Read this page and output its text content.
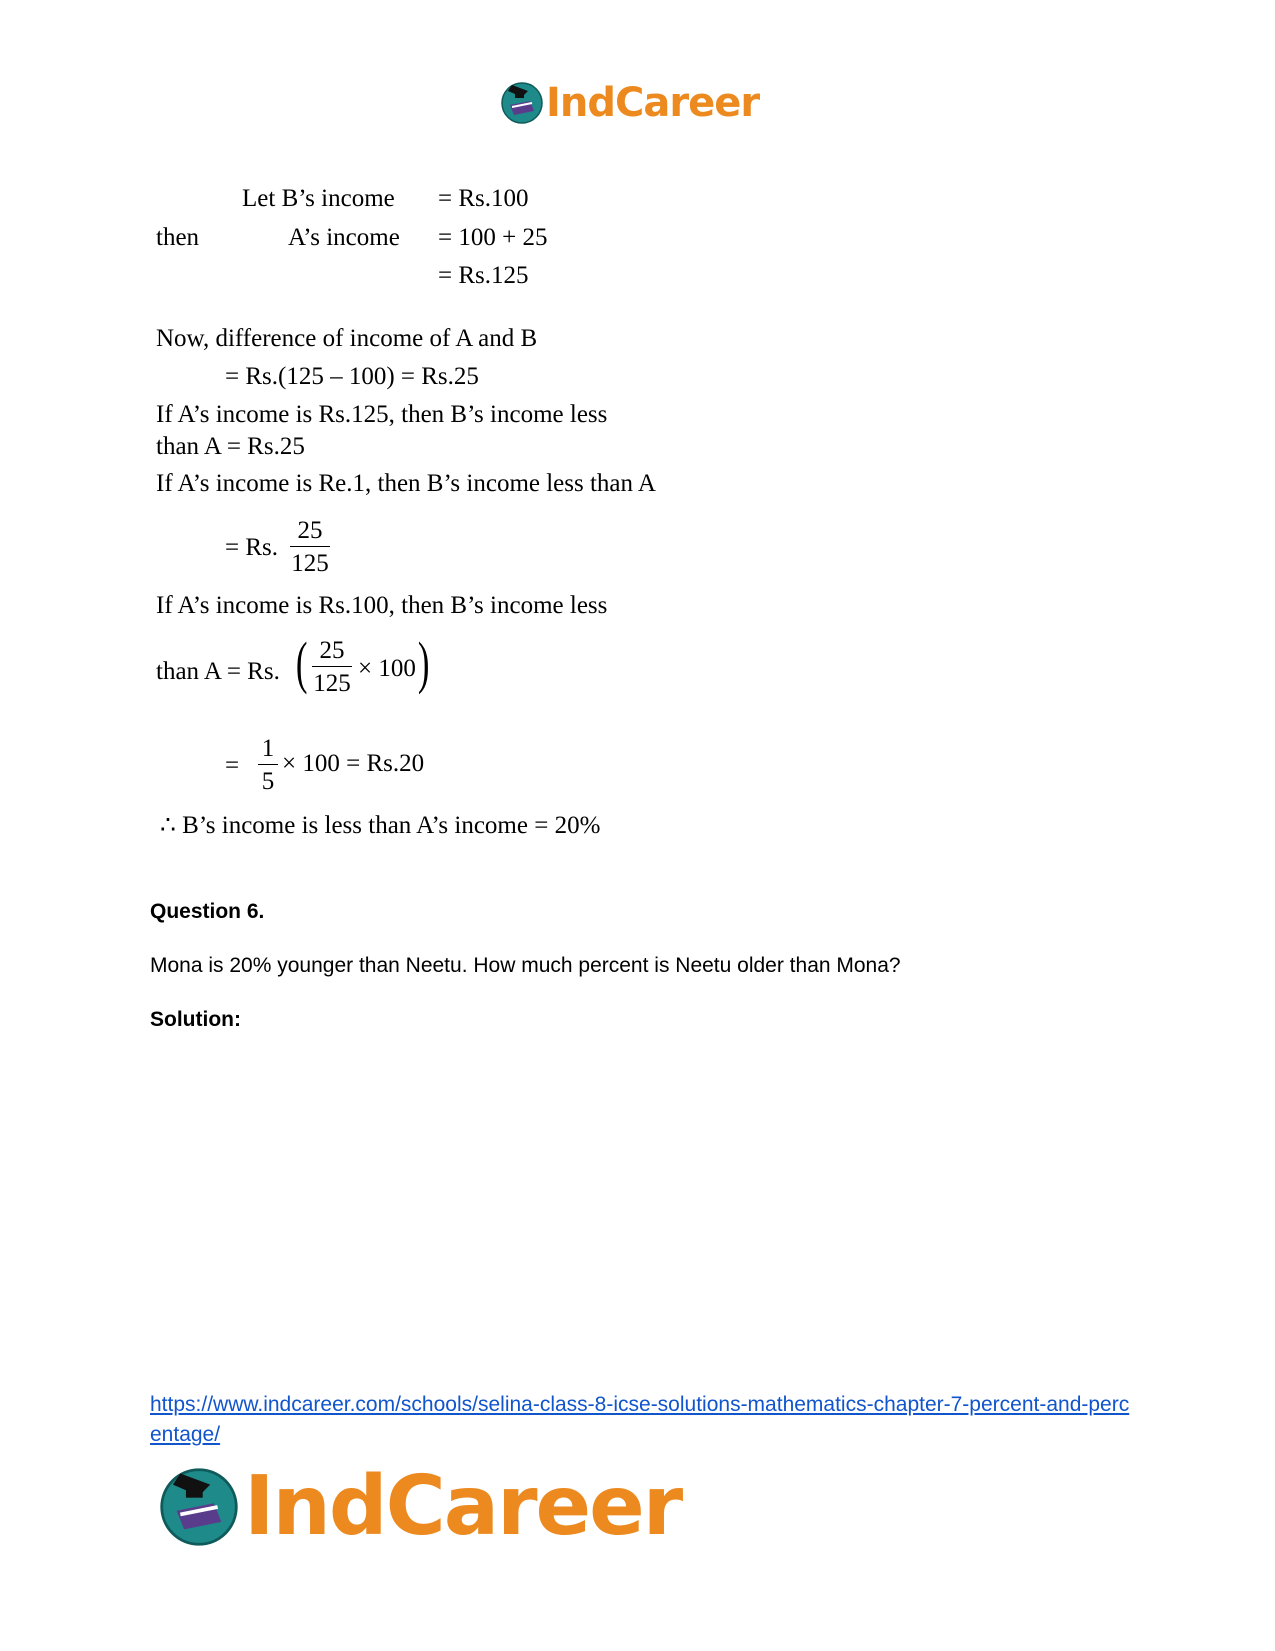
IndCareer
Let B’s income = Rs.100
then	A’s income = 100 + 25
= Rs.125
Now, difference of income of A and B
= Rs.(125 – 100) = Rs.25
If A’s income is Rs.125, then B’s income less
than A = Rs.25
If A’s income is Re.1, then B’s income less than A
= Rs.
25
125
If A’s income is Rs.100, then B’s income less
than A = Rs. ( 25
125
× 100 )
=
1
5
× 100 = Rs.20
∴ B’s income is less than A’s income = 20%
Question 6.
Mona is 20% younger than Neetu. How much percent is Neetu older than Mona?
Solution:
https://www.indcareer.com/schools/selina-class-8-icse-solutions-mathematics-chapter-7-percent-and-percentage/
IndCareer
